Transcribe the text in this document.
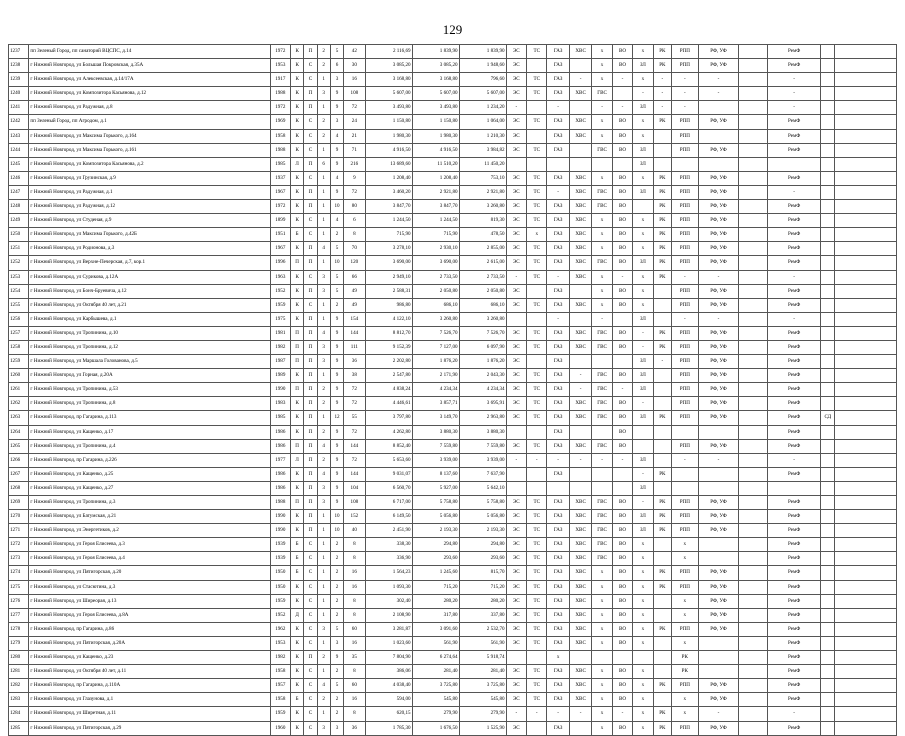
129
1237	пп Зеленый Город, пп санаторий ВЦСПС, д.14	1972	К	П	2	5	42	2 116,69	1 839,90	1 839,90	ЭС	ТС	ГАЗ	ХВС	х	ВО	х	РК	РПП	РФ, УФ		РемФ		
1238	г Нижний Новгород, ул Большая Покровская, д.35А	1953	К	С	2	6	30	3 085,20	3 085,20	1 948,60	ЭС		ГАЗ		х	ВО	ЗЛ	РК	РПП	РФ, УФ		РемФ		
1239	г Нижний Новгород, ул Алексеевская, д.14/17А	1917	К	С	1	3	16	3 168,80	3 168,80	796,60	ЭС	ТС	ГАЗ	-	х	-	х	-	-	-		-		
1240	г Нижний Новгород, ул Композитора Касьянова, д.12	1988	К	П	3	9	108	5 607,00	5 607,00	5 607,00	ЭС	ТС	ГАЗ	ХВС	ГВС		-	-	-	-		-		
1241	г Нижний Новгород, ул Радужная, д.8	1972	К	П	1	9	72	3 493,80	3 493,80	1 234,20	-		-		-	-	ЗЛ	-	-			-		
1242	пп Зеленый Город, пп Агродом, д.1	1969	К	С	2	3	24	1 150,80	1 150,80	1 064,00	ЭС	ТС	ГАЗ	ХВС	х	ВО	х	РК	РПП	РФ, УФ		РемФ		
1243	г Нижний Новгород, ул Максима Горького, д.164	1958	К	С	2	4	21	1 980,30	1 980,30	1 210,30	ЭС		ГАЗ	ХВС	х	ВО	х		РПП			РемФ		
1244	г Нижний Новгород, ул Максима Горького, д.161	1988	К	С	1	9	71	4 916,50	4 916,50	3 984,82	ЭС	ТС	ГАЗ		ГВС	ВО	ЗЛ		РПП	РФ, УФ		РемФ		
1245	г Нижний Новгород, ул Композитора Касьянова, д.2	1985	Л	П	6	9	216	13 689,60	11 510,20	11 450,20							ЗЛ							
1246	г Нижний Новгород, ул Грузинская, д.9	1937	К	С	1	4	9	1 208,40	1 208,40	753,10	ЭС	ТС	ГАЗ	ХВС	х	ВО	х	РК	РПП	РФ, УФ		РемФ		
1247	г Нижний Новгород, ул Радужная, д.1	1967	К	П	1	9	72	3 460,20	2 921,80	2 921,80	ЭС	ТС	-	ХВС	ГВС	ВО	ЗЛ	РК	РПП	РФ, УФ		-		
1248	г Нижний Новгород, ул Радужная, д.12	1972	К	П	1	10	80	3 847,70	3 847,70	3 260,80	ЭС	ТС	ГАЗ	ХВС	ГВС	ВО		РК	РПП	РФ, УФ		РемФ		
1249	г Нижний Новгород, ул Студеная, д.9	1899	К	С	1	4	6	1 244,50	1 244,50	819,30	ЭС	ТС	ГАЗ	ХВС	х	ВО	х	РК	РПП	РФ, УФ		РемФ		
1250	г Нижний Новгород, ул Максима Горького, д.42Б	1951	Б	С	1	2	8	715,90	715,90	478,50	ЭС	х	ГАЗ	ХВС	х	ВО	х	РК	РПП	РФ, УФ		РемФ		
1251	г Нижний Новгород, ул Родионова, д.3	1967	К	П	4	5	70	3 278,10	2 930,10	2 855,00	ЭС	ТС	ГАЗ	ХВС	х	ВО	х	РК	РПП	РФ, УФ		РемФ		
1252	г Нижний Новгород, ул Верхне-Печерская, д.7, кор.1	1996	П	П	1	10	120	3 690,00	3 690,00	2 615,00	ЭС	ТС	ГАЗ	ХВС	ГВС	ВО	ЗЛ	РК	РПП	РФ, УФ		РемФ		
1253	г Нижний Новгород, ул Сурикова, д.12А	1963	К	С	3	5	66	2 949,10	2 733,50	2 733,50	-	ТС	-	ХВС	х	-	х	РК	-	-		-		
1254	г Нижний Новгород, ул Бонч-Бруевича, д.12	1952	К	П	3	5	49	2 588,31	2 050,80	2 050,80	ЭС		ГАЗ		х	ВО	х		РПП	РФ, УФ		РемФ		
1255	г Нижний Новгород, ул Октября 40 лет, д.21	1959	К	С	1	2	49	986,80	686,10	686,10	ЭС	ТС	ГАЗ	ХВС	х	ВО	х		РПП	РФ, УФ		РемФ		
1256	г Нижний Новгород, ул Карбышева, д.1	1975	К	П	1	9	154	4 122,10	3 260,80	3 260,80			-		-		ЗЛ		-	-		-		
1257	г Нижний Новгород, ул Тропинина, д.10	1981	П	П	4	9	144	8 812,70	7 526,70	7 526,70	ЭС	ТС	ГАЗ	ХВС	ГВС	ВО	-	РК	РПП	РФ, УФ		РемФ		
1258	г Нижний Новгород, ул Тропинина, д.12	1982	П	П	3	9	111	9 152,39	7 127,00	6 097,90	ЭС	ТС	ГАЗ	ХВС	ГВС	ВО	-	РК	РПП	РФ, УФ		РемФ		
1259	г Нижний Новгород, ул Маршала Голованова, д.5	1987	П	П	3	9	36	2 202,80	1 876,20	1 876,20	ЭС		ГАЗ				ЗЛ	-	РПП	РФ, УФ		РемФ		
1260	г Нижний Новгород, ул Горная, д.20А	1989	К	П	1	9	38	2 547,80	2 171,90	2 043,30	ЭС	ТС	ГАЗ	-	ГВС	ВО	ЗЛ		РПП	РФ, УФ		РемФ		
1261	г Нижний Новгород, ул Тропинина, д.53	1990	П	П	2	9	72	4 838,24	4 234,34	4 234,34	ЭС	ТС	ГАЗ	-	ГВС	-	ЗЛ		РПП	РФ, УФ		РемФ		
1262	г Нижний Новгород, ул Тропинина, д.8	1983	К	П	2	9	72	4 446,61	3 857,71	3 695,91	ЭС	ТС	ГАЗ	ХВС	ГВС	ВО	-		РПП	РФ, УФ		РемФ		
1263	г Нижний Новгород, пр Гагарина, д.113	1985	К	П	1	12	55	3 797,80	3 149,70	2 963,80	ЭС	ТС	ГАЗ	ХВС	ГВС	ВО	ЗЛ	РК	РПП	РФ, УФ		РемФ	СД	
1264	г Нижний Новгород, ул Кащенко, д.17	1986	К	П	2	9	72	4 262,80	3 880,30	3 880,30			ГАЗ			ВО						РемФ		
1265	г Нижний Новгород, ул Тропинина, д.4	1986	П	П	4	9	144	8 852,40	7 559,80	7 559,80	ЭС	ТС	ГАЗ	ХВС	ГВС	ВО			РПП	РФ, УФ		РемФ		
1266	г Нижний Новгород, пр Гагарина, д.226	1977	Л	П	2	9	72	5 653,60	3 939,00	3 939,00	-	-	-	-	-	-	ЗЛ		-	-		-		
1267	г Нижний Новгород, ул Кащенко, д.25	1986	К	П	4	9	144	9 031,07	8 137,60	7 637,90			ГАЗ				-	РК				РемФ		
1268	г Нижний Новгород, ул Кащенко, д.27	1986	К	П	3	9	104	6 560,70	5 927,00	5 642,10							ЗЛ							
1269	г Нижний Новгород, ул Тропинина, д.3	1988	П	П	3	9	108	6 717,00	5 758,80	5 758,80	ЭС	ТС	ГАЗ	ХВС	ГВС	ВО	-	РК	РПП	РФ, УФ		РемФ		
1270	г Нижний Новгород, ул Батумская, д.21	1990	К	П	1	10	152	6 149,50	5 056,80	5 056,80	ЭС	ТС	ГАЗ	ХВС	ГВС	ВО	ЗЛ	РК	РПП	РФ, УФ		РемФ		
1271	г Нижний Новгород, ул Энергетиков, д.2	1990	К	П	1	10	40	2 451,90	2 193,30	2 193,30	ЭС	ТС	ГАЗ	ХВС	ГВС	ВО	ЗЛ	РК	РПП	РФ, УФ		РемФ		
1272	г Нижний Новгород, ул Героя Елисеева, д.3	1939	Б	С	1	2	8	338,30	294,80	294,80	ЭС	ТС	ГАЗ	ХВС	ГВС	ВО	х		х			РемФ		
1273	г Нижний Новгород, ул Героя Елисеева, д.4	1939	Б	С	1	2	8	336,90	293,60	293,60	ЭС	ТС	ГАЗ	ХВС	ГВС	ВО	х		х			РемФ		
1274	г Нижний Новгород, ул Пятигорская, д.20	1950	Б	С	1	2	16	1 564,23	1 245,60	815,70	ЭС	ТС	ГАЗ	ХВС	х	ВО	х	РК	РПП	РФ, УФ		РемФ		
1275	г Нижний Новгород, ул Стасютина, д.3	1950	К	С	1	2	16	1 093,30	715,20	715,20	ЭС	ТС	ГАЗ	ХВС	х	ВО	х	РК	РПП	РФ, УФ		РемФ		
1276	г Нижний Новгород, ул Ширеорая, д.13	1959	К	С	1	2	8	302,40	280,20	280,20	ЭС	ТС	ГАЗ	ХВС	х	ВО	х		х	РФ, УФ		РемФ		
1277	г Нижний Новгород, ул Героя Елисеева, д.8А	1952	Д	С	1	2	8	2 108,90	317,80	337,80	ЭС	ТС	ГАЗ	ХВС	х	ВО	х		х	РФ, УФ		РемФ		
1278	г Нижний Новгород, пр Гагарина, д.86	1962	К	С	3	5	60	3 281,87	3 091,60	2 532,70	ЭС	ТС	ГАЗ	ХВС	х	ВО	х	РК	РПП	РФ, УФ		РемФ		
1279	г Нижний Новгород, ул Пятигорская, д.20А	1953	К	С	1	3	16	1 023,60	561,90	561,90	ЭС	ТС	ГАЗ	ХВС	х	ВО	х		х			РемФ		
1280	г Нижний Новгород, ул Кащенко, д.23	1982	К	П	2	9	35	7 804,90	6 274,64	5 918,74			х						РК			РемФ		
1281	г Нижний Новгород, ул Октября 40 лет, д.11	1958	К	С	1	2	8	386,06	281,40	281,40	ЭС	ТС	ГАЗ	ХВС	х	ВО	х		РК			РемФ		
1282	г Нижний Новгород, пр Гагарина, д.110А	1957	К	С	4	5	60	4 038,40	3 725,80	3 725,80	ЭС	ТС	ГАЗ	ХВС	х	ВО	х	РК	РПП	РФ, УФ		РемФ		
1283	г Нижний Новгород, ул Глазунова, д.1	1958	Б	С	2	2	16	594,00	545,80	545,80	ЭС	ТС	ГАЗ	ХВС	х	ВО	х		х	РФ, УФ		РемФ		
1284	г Нижний Новгород, ул Ширетная, д.11	1959	К	С	1	2	8	620,15	279,90	279,90	-	-	-	-	х	-	х	РК	х	-		-		
1285	г Нижний Новгород, ул Пятигорская, д.29	1960	К	С	3	3	36	1 785,30	1 676,50	1 525,90	ЭС		ГАЗ		х	ВО	х	РК	РПП	РФ, УФ		РемФ		
